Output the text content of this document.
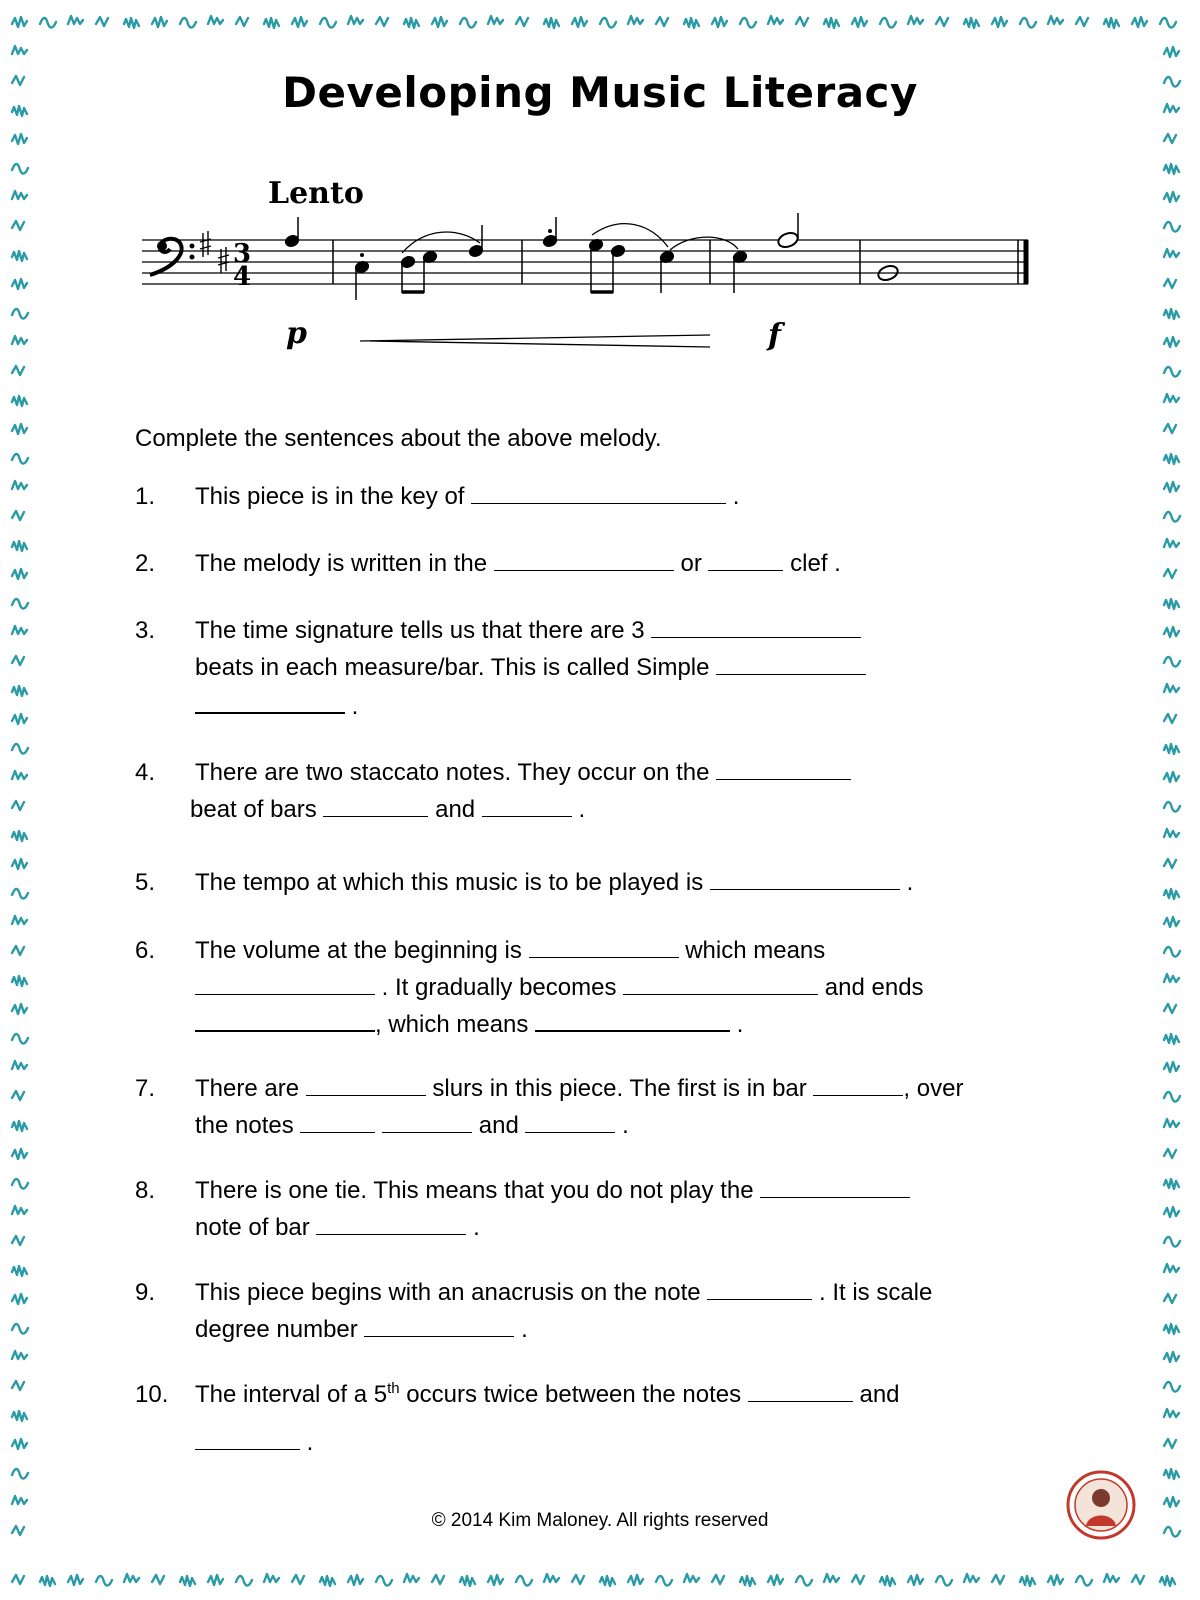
Developing Music Literacy
Lento
3
4
p	f
Complete the sentences about the above melody.
1.	This piece is in the key of	.

2.	The melody is written in the	or	clef .

3.	The time signature tells us that there are 3

beats in each measure/bar. This is called Simple

.

4.	There are two staccato notes. They occur on the

beat of bars	and	.

5.	The tempo at which this music is to be played is	.

6.	The volume at the beginning is	which means

. It gradually becomes	and ends

, which means	.

7.	There are	slurs in this piece. The first is in bar	, over

the notes	and	.

8.	There is one tie. This means that you do not play the

note of bar	.

9.	This piece begins with an anacrusis on the note	. It is scale

degree number	.

10.	The interval of a 5th occurs twice between the notes	and

.

© 2014 Kim Maloney. All rights reserved
